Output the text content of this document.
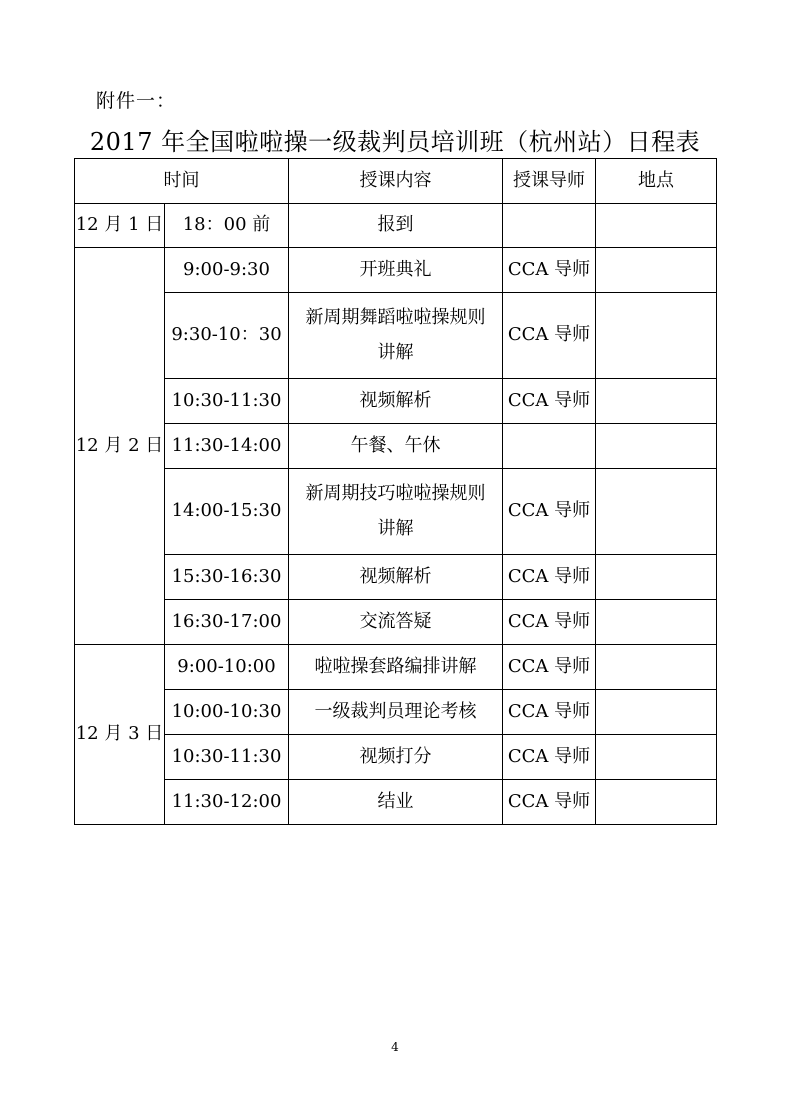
附件一：
2017 年全国啦啦操一级裁判员培训班（杭州站）日程表
时间		授课内容	授课导师	地点
12 月 1 日	18：00 前	报到		
12 月 2 日	9:00-9:30	开班典礼	CCA 导师	
	9:30-10：30	新周期舞蹈啦啦操规则讲解	CCA 导师	
	10:30-11:30	视频解析	CCA 导师	
	11:30-14:00	午餐、午休		
	14:00-15:30	新周期技巧啦啦操规则讲解	CCA 导师	
	15:30-16:30	视频解析	CCA 导师	
	16:30-17:00	交流答疑	CCA 导师	
12 月 3 日	9:00-10:00	啦啦操套路编排讲解	CCA 导师	
	10:00-10:30	一级裁判员理论考核	CCA 导师	
	10:30-11:30	视频打分	CCA 导师	
	11:30-12:00	结业	CCA 导师	
4
